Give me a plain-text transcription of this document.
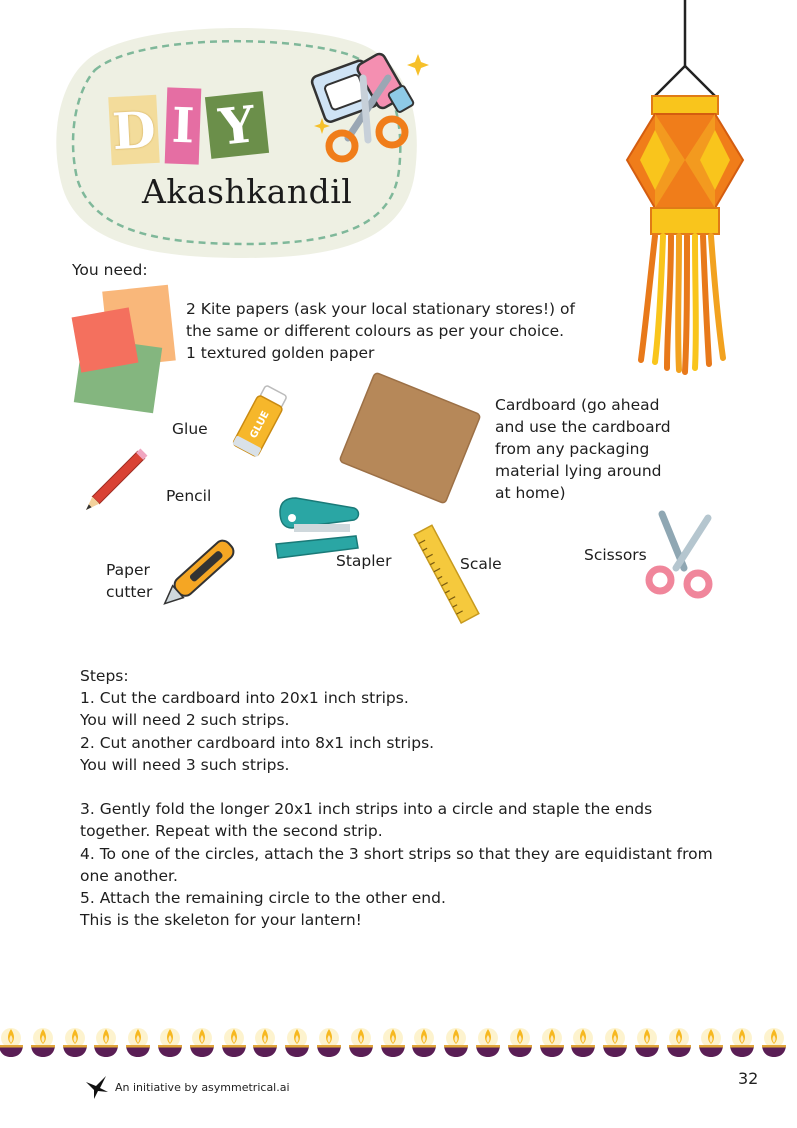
D I Y
Akashkandil
You need:
2 Kite papers (ask your local stationary stores!) of
the same or different colours as per your choice.
1 textured golden paper
Glue	GLUE
Cardboard (go ahead
and use the cardboard
from any packaging
material lying around
at home)
Pencil
Stapler	Scale	Scissors
Paper
cutter
Steps:
1. Cut the cardboard into 20x1 inch strips.
You will need 2 such strips.
2. Cut another cardboard into 8x1 inch strips.
You will need 3 such strips.
3. Gently fold the longer 20x1 inch strips into a circle and staple the ends
together. Repeat with the second strip.
4. To one of the circles, attach the 3 short strips so that they are equidistant from
one another.
5. Attach the remaining circle to the other end.
This is the skeleton for your lantern!
An initiative by asymmetrical.ai	32
